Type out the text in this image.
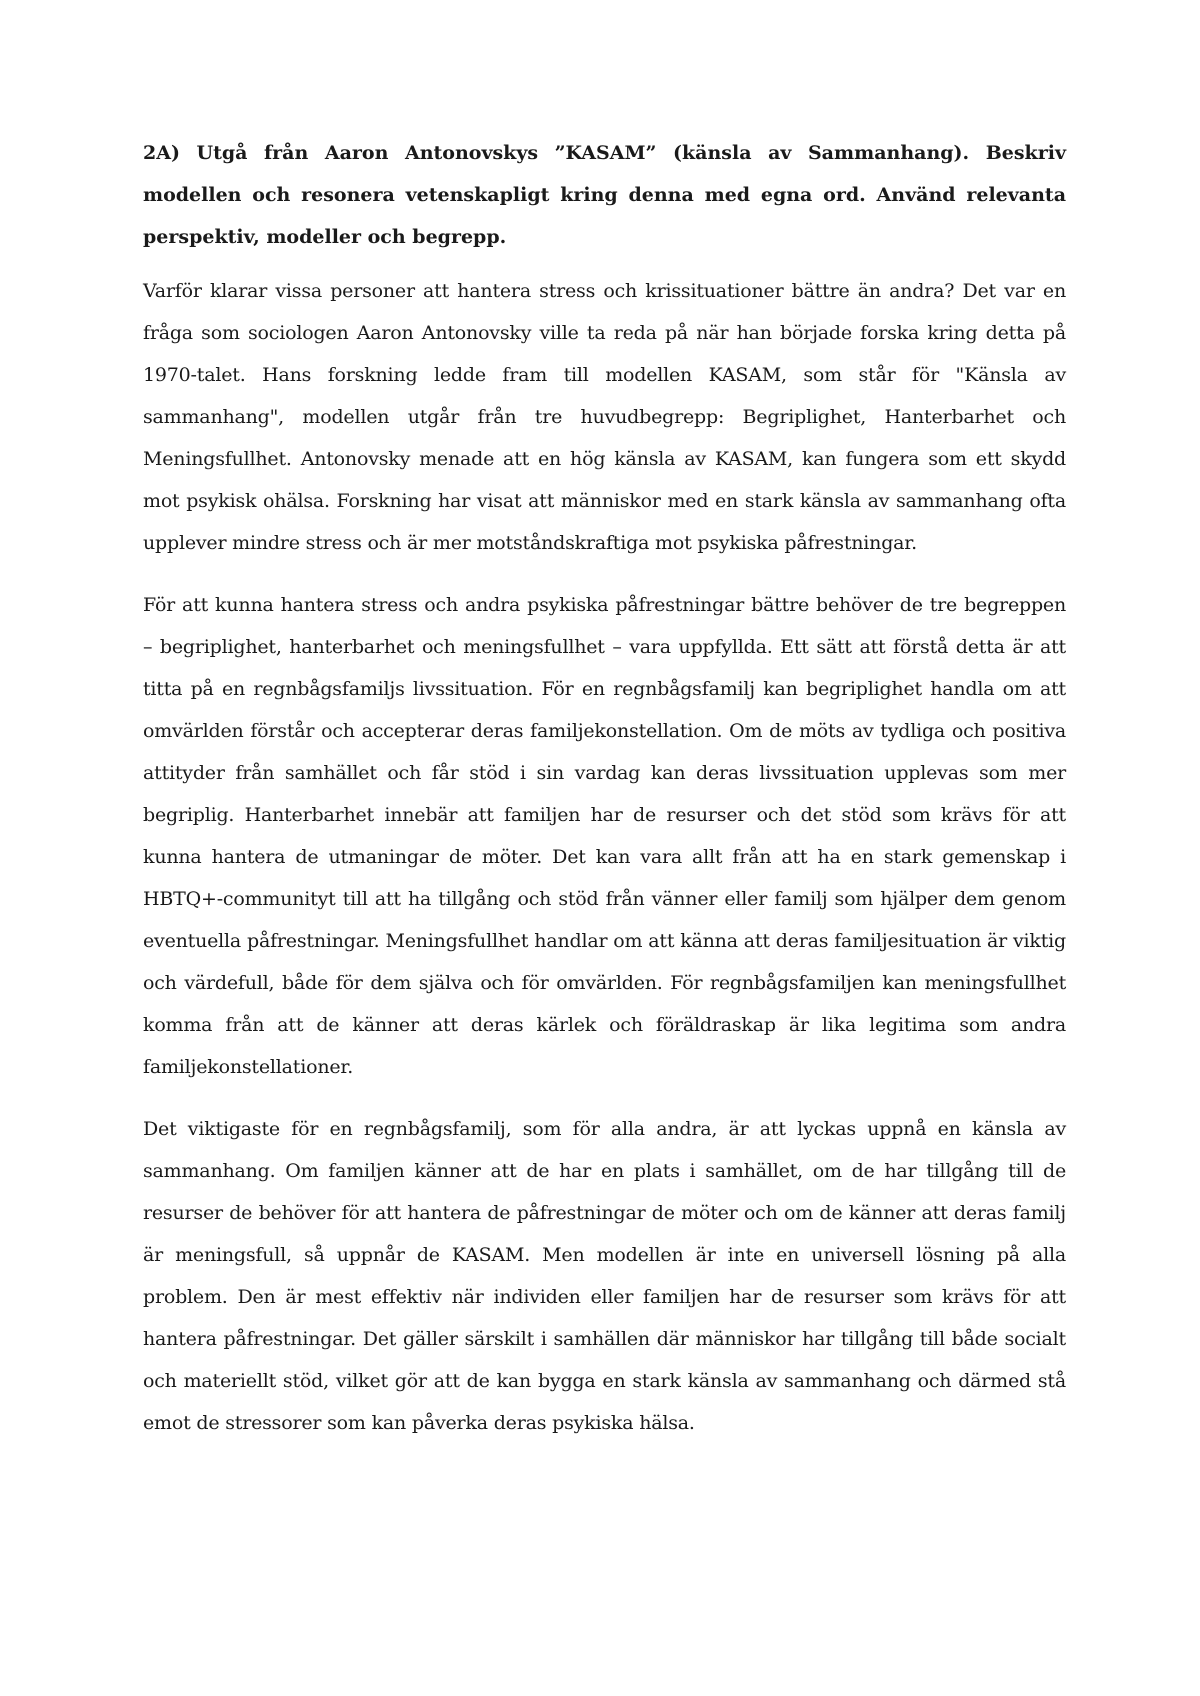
2A) Utgå från Aaron Antonovskys ”KASAM” (känsla av Sammanhang). Beskriv modellen och resonera vetenskapligt kring denna med egna ord. Använd relevanta perspektiv, modeller och begrepp.

Varför klarar vissa personer att hantera stress och krissituationer bättre än andra? Det var en fråga som sociologen Aaron Antonovsky ville ta reda på när han började forska kring detta på 1970-talet. Hans forskning ledde fram till modellen KASAM, som står för "Känsla av sammanhang", modellen utgår från tre huvudbegrepp: Begriplighet, Hanterbarhet och Meningsfullhet. Antonovsky menade att en hög känsla av KASAM, kan fungera som ett skydd mot psykisk ohälsa. Forskning har visat att människor med en stark känsla av sammanhang ofta upplever mindre stress och är mer motståndskraftiga mot psykiska påfrestningar.

För att kunna hantera stress och andra psykiska påfrestningar bättre behöver de tre begreppen – begriplighet, hanterbarhet och meningsfullhet – vara uppfyllda. Ett sätt att förstå detta är att titta på en regnbågsfamiljs livssituation. För en regnbågsfamilj kan begriplighet handla om att omvärlden förstår och accepterar deras familjekonstellation. Om de möts av tydliga och positiva attityder från samhället och får stöd i sin vardag kan deras livssituation upplevas som mer begriplig. Hanterbarhet innebär att familjen har de resurser och det stöd som krävs för att kunna hantera de utmaningar de möter. Det kan vara allt från att ha en stark gemenskap i HBTQ+-communityt till att ha tillgång och stöd från vänner eller familj som hjälper dem genom eventuella påfrestningar. Meningsfullhet handlar om att känna att deras familjesituation är viktig och värdefull, både för dem själva och för omvärlden. För regnbågsfamiljen kan meningsfullhet komma från att de känner att deras kärlek och föräldraskap är lika legitima som andra familjekonstellationer.

Det viktigaste för en regnbågsfamilj, som för alla andra, är att lyckas uppnå en känsla av sammanhang. Om familjen känner att de har en plats i samhället, om de har tillgång till de resurser de behöver för att hantera de påfrestningar de möter och om de känner att deras familj är meningsfull, så uppnår de KASAM. Men modellen är inte en universell lösning på alla problem. Den är mest effektiv när individen eller familjen har de resurser som krävs för att hantera påfrestningar. Det gäller särskilt i samhällen där människor har tillgång till både socialt och materiellt stöd, vilket gör att de kan bygga en stark känsla av sammanhang och därmed stå emot de stressorer som kan påverka deras psykiska hälsa.
